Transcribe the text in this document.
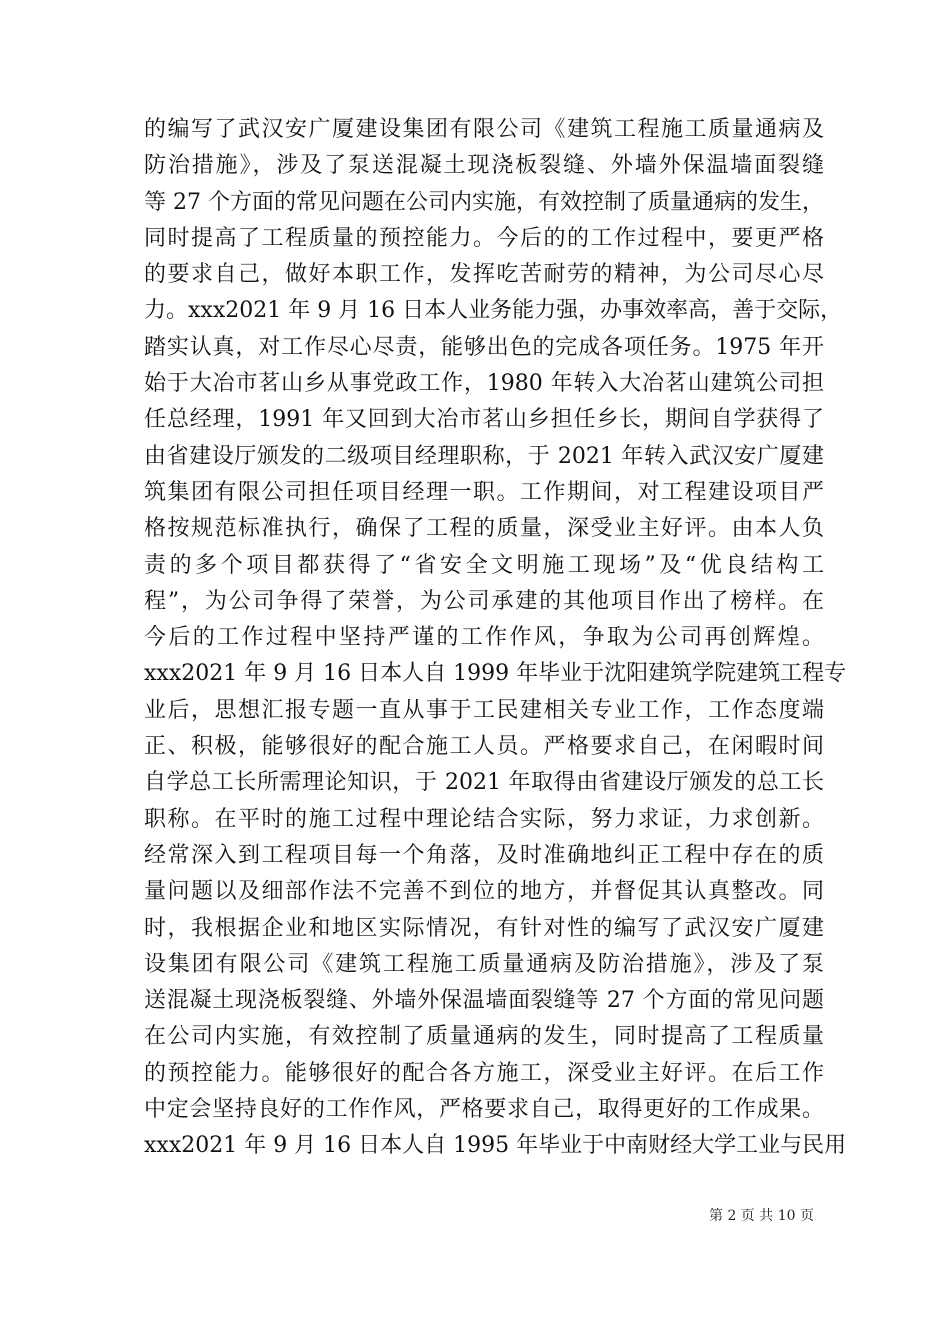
的编写了武汉安广厦建设集团有限公司《建筑工程施工质量通病及
防治措施》，涉及了泵送混凝土现浇板裂缝、外墙外保温墙面裂缝
等 27 个方面的常见问题在公司内实施，有效控制了质量通病的发生，
同时提高了工程质量的预控能力。今后的的工作过程中，要更严格
的要求自己，做好本职工作，发挥吃苦耐劳的精神，为公司尽心尽
力。xxx2021 年 9 月 16 日本人业务能力强，办事效率高，善于交际，
踏实认真，对工作尽心尽责，能够出色的完成各项任务。1975 年开
始于大冶市茗山乡从事党政工作，1980 年转入大冶茗山建筑公司担
任总经理，1991 年又回到大冶市茗山乡担任乡长，期间自学获得了
由省建设厅颁发的二级项目经理职称，于 2021 年转入武汉安广厦建
筑集团有限公司担任项目经理一职。工作期间，对工程建设项目严
格按规范标准执行，确保了工程的质量，深受业主好评。由本人负
责的多个项目都获得了“省安全文明施工现场”及“优良结构工
程”，为公司争得了荣誉，为公司承建的其他项目作出了榜样。在
今后的工作过程中坚持严谨的工作作风，争取为公司再创辉煌。
xxx2021 年 9 月 16 日本人自 1999 年毕业于沈阳建筑学院建筑工程专
业后，思想汇报专题一直从事于工民建相关专业工作，工作态度端
正、积极，能够很好的配合施工人员。严格要求自己，在闲暇时间
自学总工长所需理论知识，于 2021 年取得由省建设厅颁发的总工长
职称。在平时的施工过程中理论结合实际，努力求证，力求创新。
经常深入到工程项目每一个角落，及时准确地纠正工程中存在的质
量问题以及细部作法不完善不到位的地方，并督促其认真整改。同
时，我根据企业和地区实际情况，有针对性的编写了武汉安广厦建
设集团有限公司《建筑工程施工质量通病及防治措施》，涉及了泵
送混凝土现浇板裂缝、外墙外保温墙面裂缝等 27 个方面的常见问题
在公司内实施，有效控制了质量通病的发生，同时提高了工程质量
的预控能力。能够很好的配合各方施工，深受业主好评。在后工作
中定会坚持良好的工作作风，严格要求自己，取得更好的工作成果。
xxx2021 年 9 月 16 日本人自 1995 年毕业于中南财经大学工业与民用
第 2 页 共 10 页
